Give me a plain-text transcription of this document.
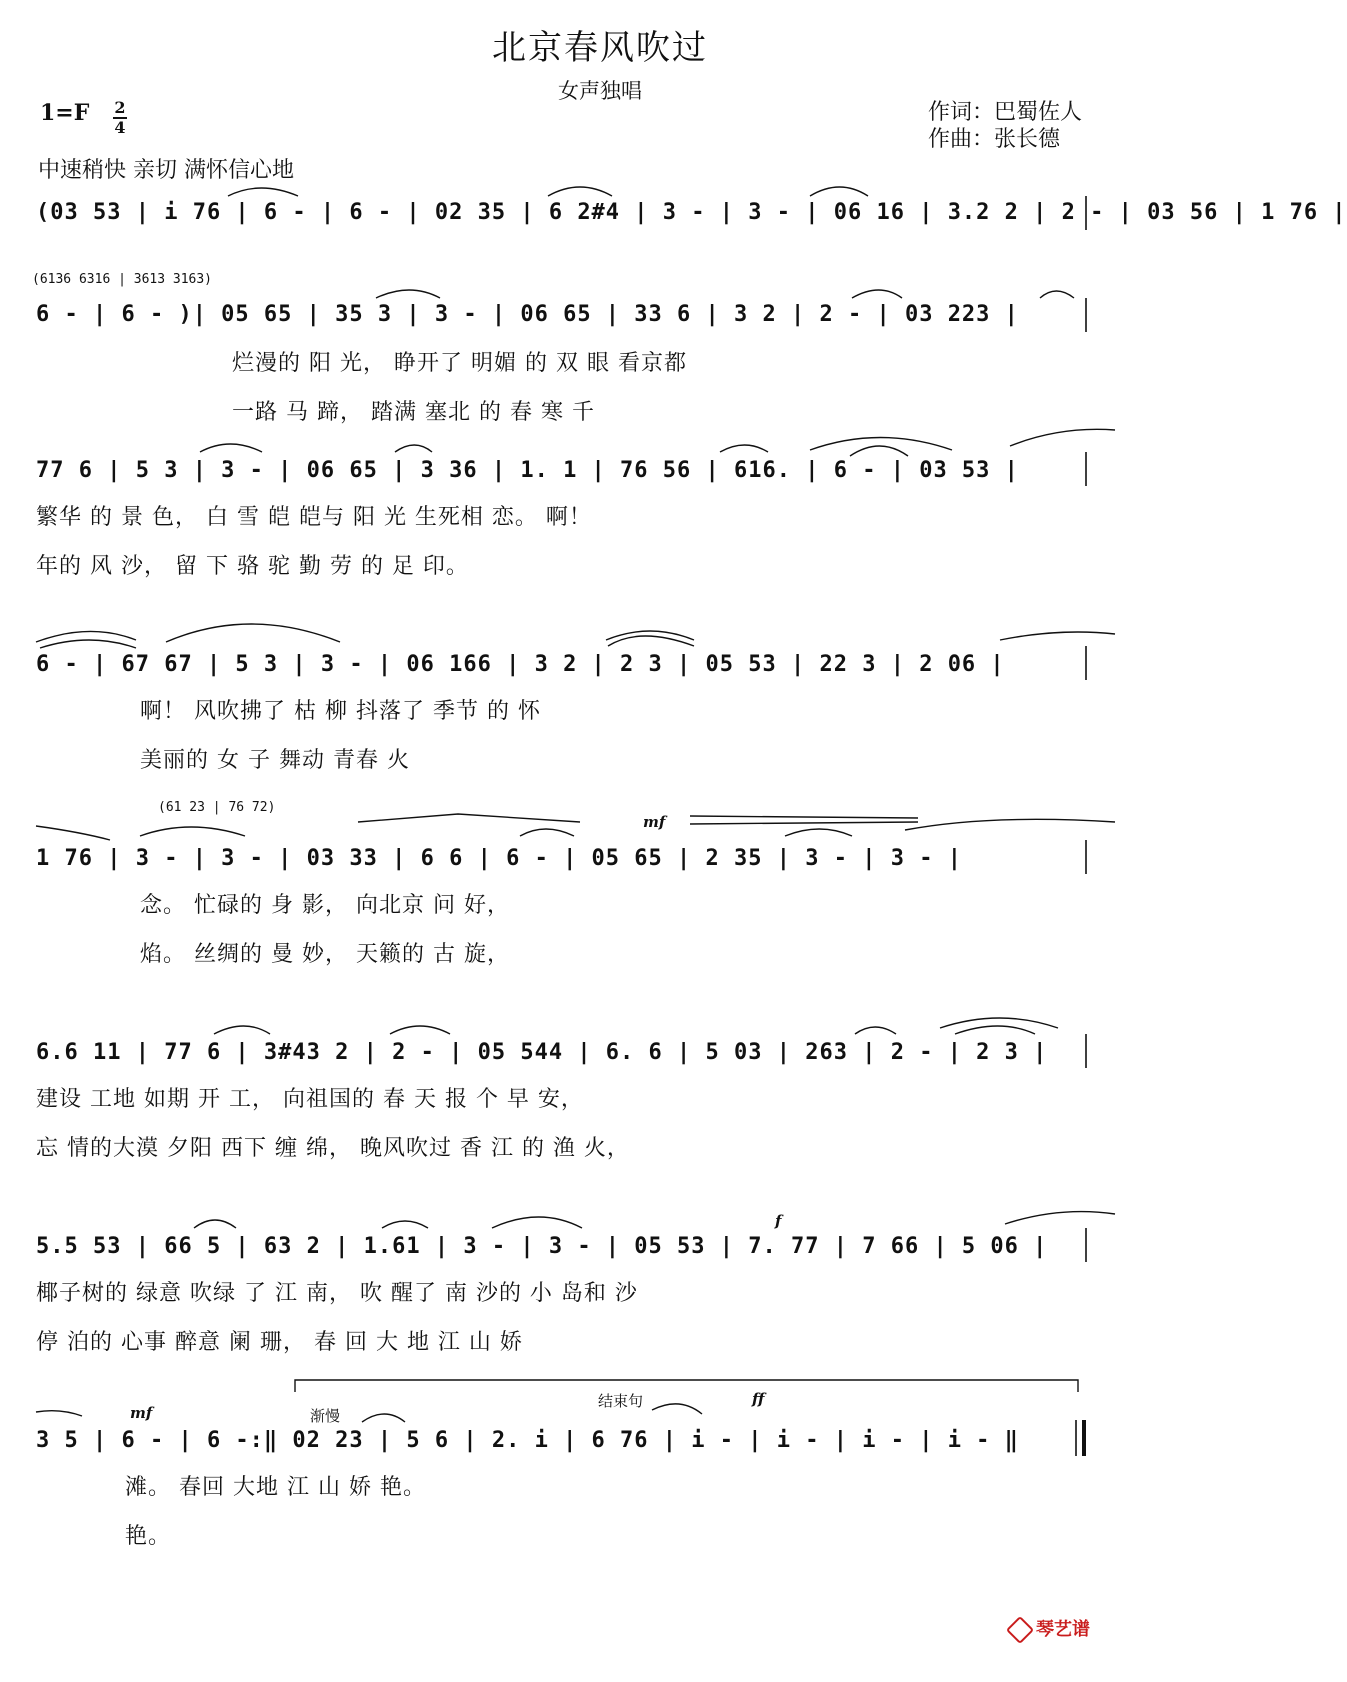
北京春风吹过
女声独唱
1=F 2
4
作词：巴蜀佐人
作曲：张长德
中速稍快 亲切 满怀信心地
(03 53 | i 76 | 6 - | 6 - | 02 35 | 6 2#4 | 3 - | 3 - | 06 16 | 3.2 2 | 2 - | 03 56 | 1 76 |
(6136 6316 | 3613 3163)
6 - | 6 - )| 05 65 | 35 3 | 3 - | 06 65 | 33 6 | 3 2 | 2 - | 03 223 |
烂漫的 阳 光， 睁开了 明媚 的 双 眼 看京都
一路 马 蹄， 踏满 塞北 的 春 寒 千
77 6 | 5 3 | 3 - | 06 65 | 3 36 | 1. 1 | 76 56 | 616. | 6 - | 03 53 |
繁华 的 景 色， 白 雪 皑 皑与 阳 光 生死相 恋。 啊！
年的 风 沙， 留 下 骆 驼 勤 劳 的 足 印。
6 - | 67 67 | 5 3 | 3 - | 06 166 | 3 2 | 2 3 | 05 53 | 22 3 | 2 06 |
啊！ 风吹拂了 枯 柳 抖落了 季节 的 怀
美丽的 女 子 舞动 青春 火
(61 23 | 76 72)
mf
1 76 | 3 - | 3 - | 03 33 | 6 6 | 6 - | 05 65 | 2 35 | 3 - | 3 - |
念。 忙碌的 身 影， 向北京 问 好，
焰。 丝绸的 曼 妙， 天籁的 古 旋，
6.6 11 | 77 6 | 3#43 2 | 2 - | 05 544 | 6. 6 | 5 03 | 263 | 2 - | 2 3 |
建设 工地 如期 开 工， 向祖国的 春 天 报 个 早 安，
忘 情的大漠 夕阳 西下 缠 绵， 晚风吹过 香 江 的 渔 火，
f
5.5 53 | 66 5 | 63 2 | 1.61 | 3 - | 3 - | 05 53 | 7. 77 | 7 66 | 5 06 |
椰子树的 绿意 吹绿 了 江 南， 吹 醒了 南 沙的 小 岛和 沙
停 泊的 心事 醉意 阑 珊， 春 回 大 地 江 山 娇
渐慢
结束句
mf
ff
3 5 | 6 - | 6 -:‖ 02 23 | 5 6 | 2. i | 6 76 | i - | i - | i - | i - ‖
滩。 春回 大地 江 山 娇 艳。
艳。
琴艺谱
